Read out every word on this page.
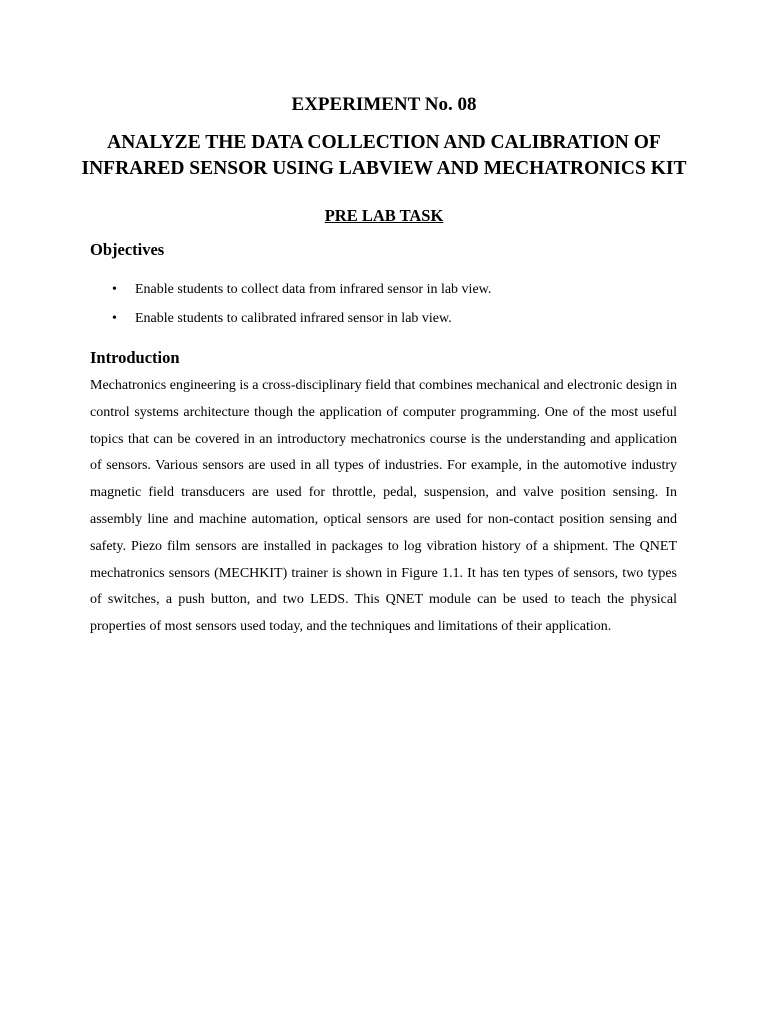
EXPERIMENT No. 08
ANALYZE THE DATA COLLECTION AND CALIBRATION OF INFRARED SENSOR USING LABVIEW AND MECHATRONICS KIT
PRE LAB TASK
Objectives
• Enable students to collect data from infrared sensor in lab view.
• Enable students to calibrated infrared sensor in lab view.
Introduction

Mechatronics engineering is a cross-disciplinary field that combines mechanical and electronic design in control systems architecture though the application of computer programming. One of the most useful topics that can be covered in an introductory mechatronics course is the understanding and application of sensors. Various sensors are used in all types of industries. For example, in the automotive industry magnetic field transducers are used for throttle, pedal, suspension, and valve position sensing. In assembly line and machine automation, optical sensors are used for non-contact position sensing and safety. Piezo film sensors are installed in packages to log vibration history of a shipment. The QNET mechatronics sensors (MECHKIT) trainer is shown in Figure 1.1. It has ten types of sensors, two types of switches, a push button, and two LEDS. This QNET module can be used to teach the physical properties of most sensors used today, and the techniques and limitations of their application.
